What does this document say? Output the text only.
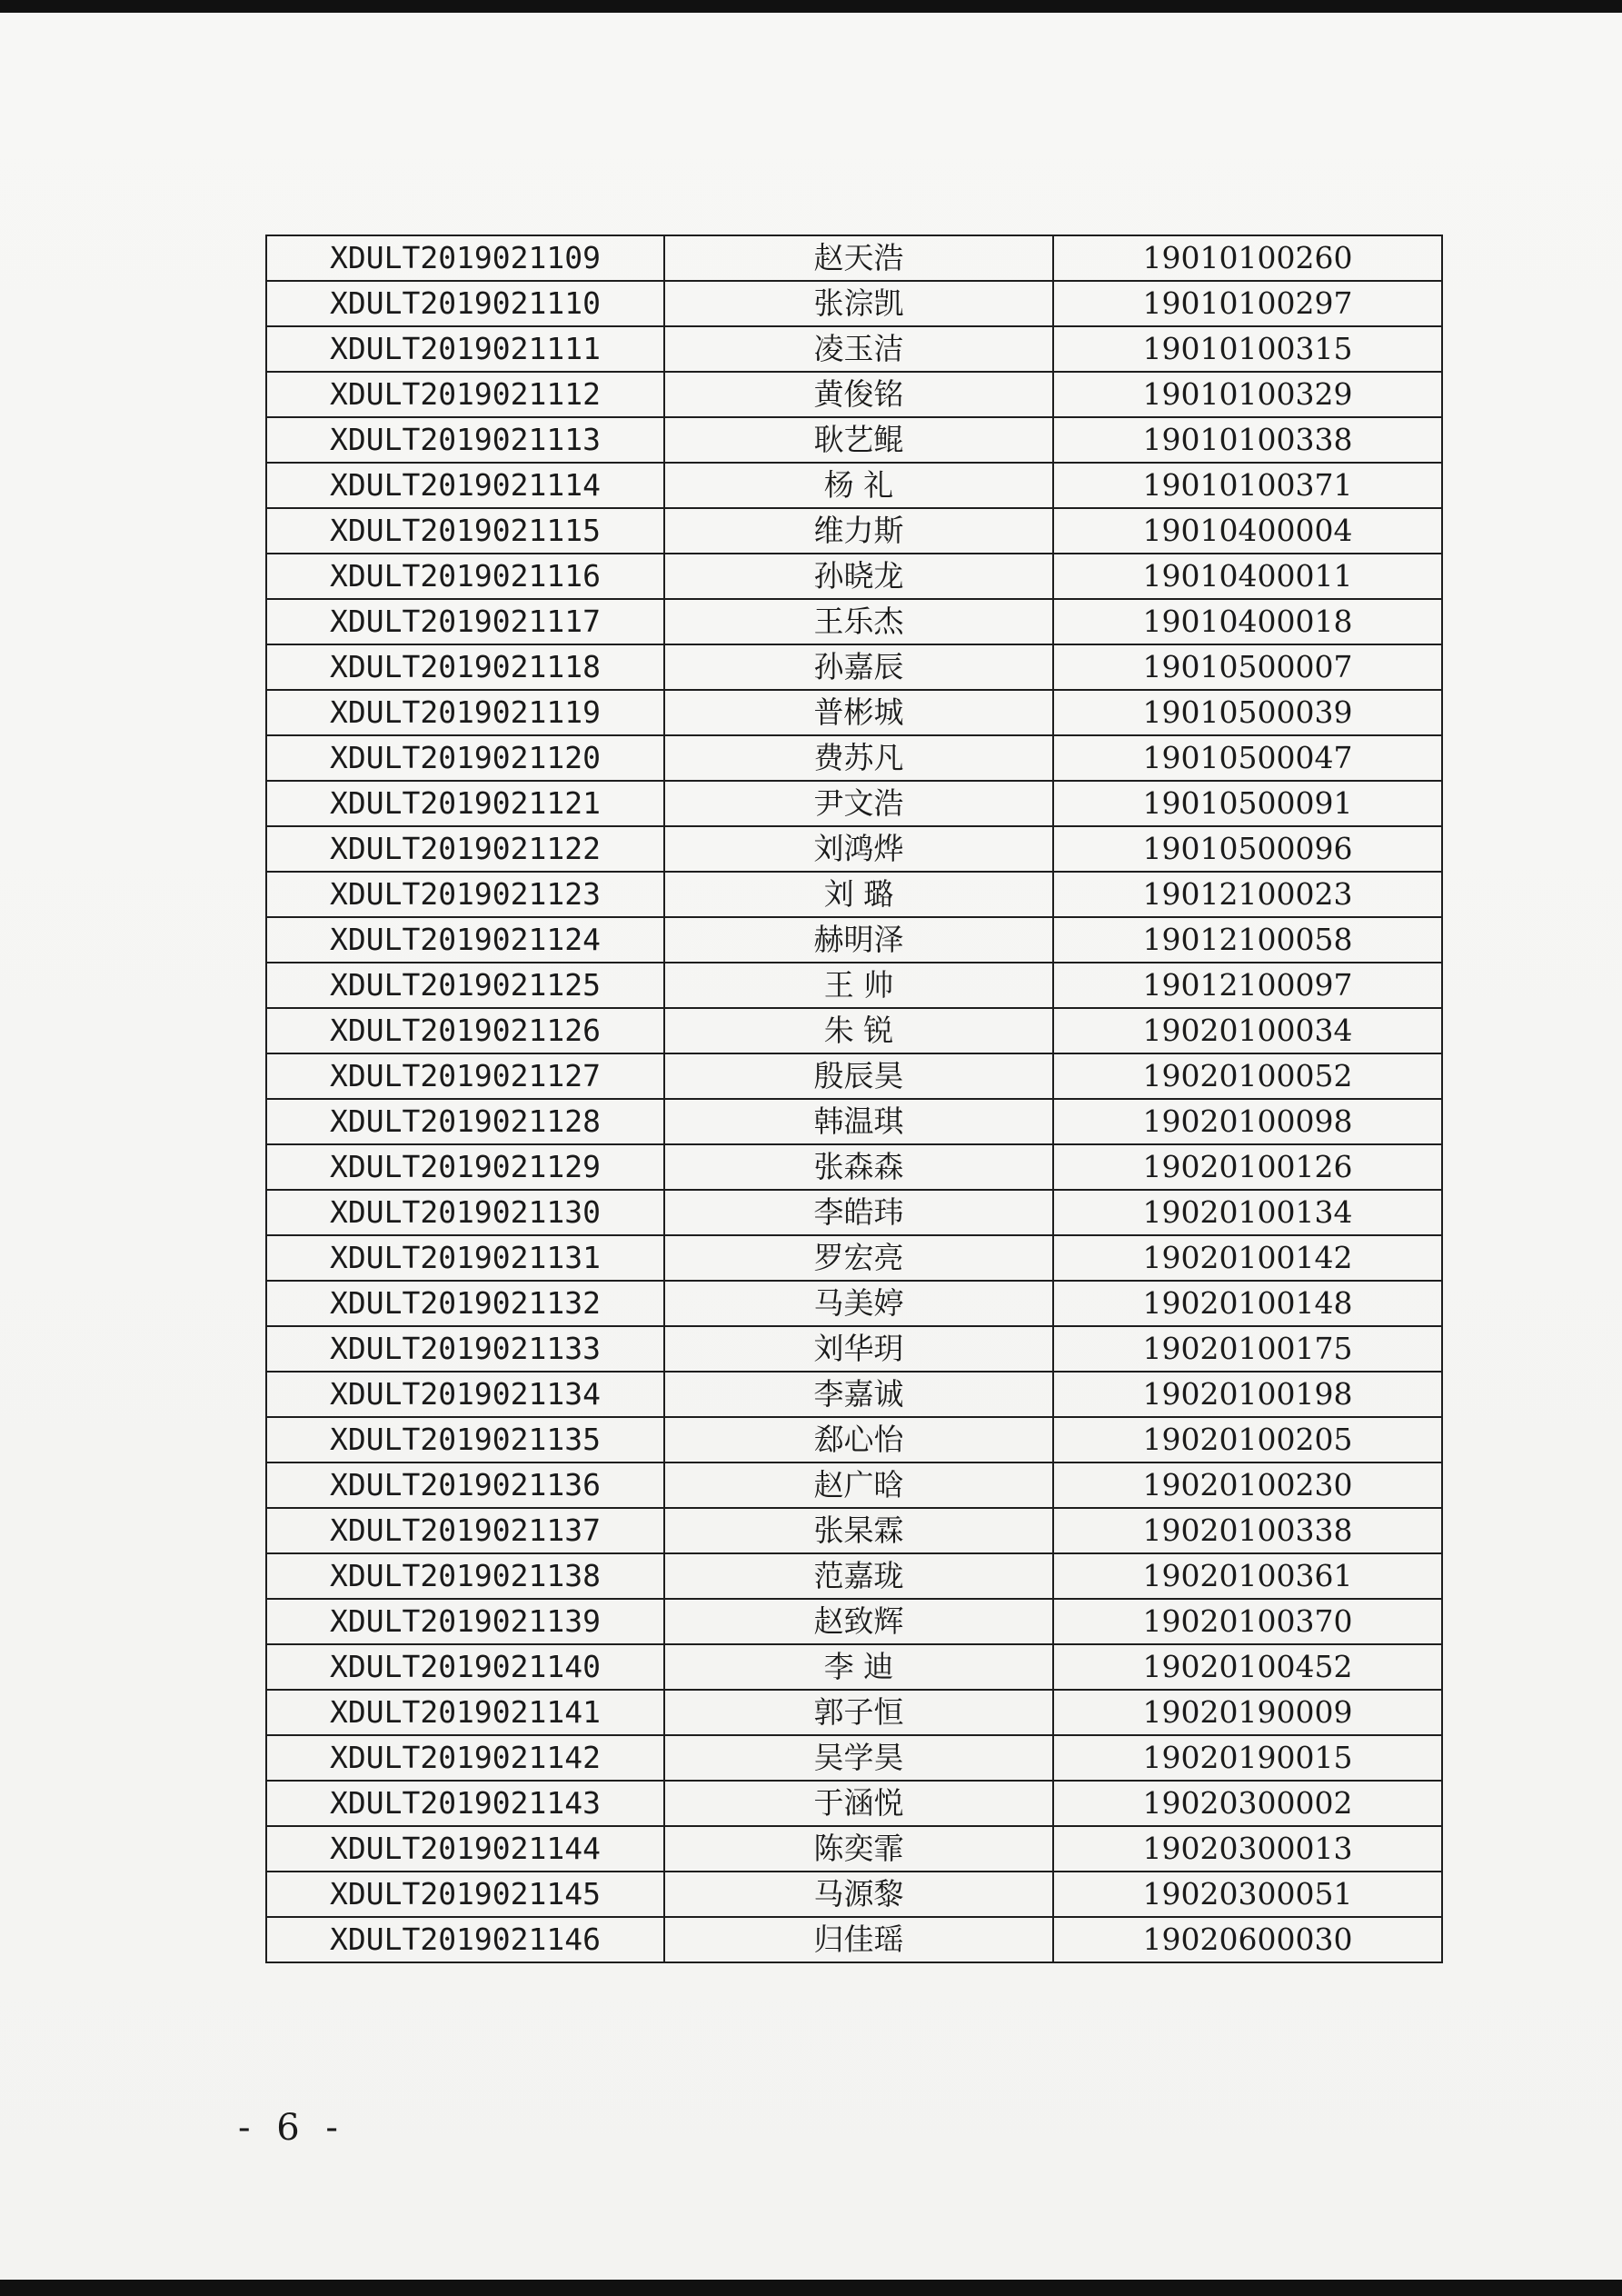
XDULT2019021109	赵天浩	19010100260
XDULT2019021110	张淙凯	19010100297
XDULT2019021111	凌玉洁	19010100315
XDULT2019021112	黄俊铭	19010100329
XDULT2019021113	耿艺鲲	19010100338
XDULT2019021114	杨 礼	19010100371
XDULT2019021115	维力斯	19010400004
XDULT2019021116	孙晓龙	19010400011
XDULT2019021117	王乐杰	19010400018
XDULT2019021118	孙嘉辰	19010500007
XDULT2019021119	普彬城	19010500039
XDULT2019021120	费苏凡	19010500047
XDULT2019021121	尹文浩	19010500091
XDULT2019021122	刘鸿烨	19010500096
XDULT2019021123	刘 璐	19012100023
XDULT2019021124	赫明泽	19012100058
XDULT2019021125	王 帅	19012100097
XDULT2019021126	朱 锐	19020100034
XDULT2019021127	殷辰昊	19020100052
XDULT2019021128	韩温琪	19020100098
XDULT2019021129	张森森	19020100126
XDULT2019021130	李皓玮	19020100134
XDULT2019021131	罗宏亮	19020100142
XDULT2019021132	马美婷	19020100148
XDULT2019021133	刘华玥	19020100175
XDULT2019021134	李嘉诚	19020100198
XDULT2019021135	郄心怡	19020100205
XDULT2019021136	赵广晗	19020100230
XDULT2019021137	张杲霖	19020100338
XDULT2019021138	范嘉珑	19020100361
XDULT2019021139	赵致辉	19020100370
XDULT2019021140	李 迪	19020100452
XDULT2019021141	郭子恒	19020190009
XDULT2019021142	吴学昊	19020190015
XDULT2019021143	于涵悦	19020300002
XDULT2019021144	陈奕霏	19020300013
XDULT2019021145	马源黎	19020300051
XDULT2019021146	归佳瑶	19020600030
- 6 -
